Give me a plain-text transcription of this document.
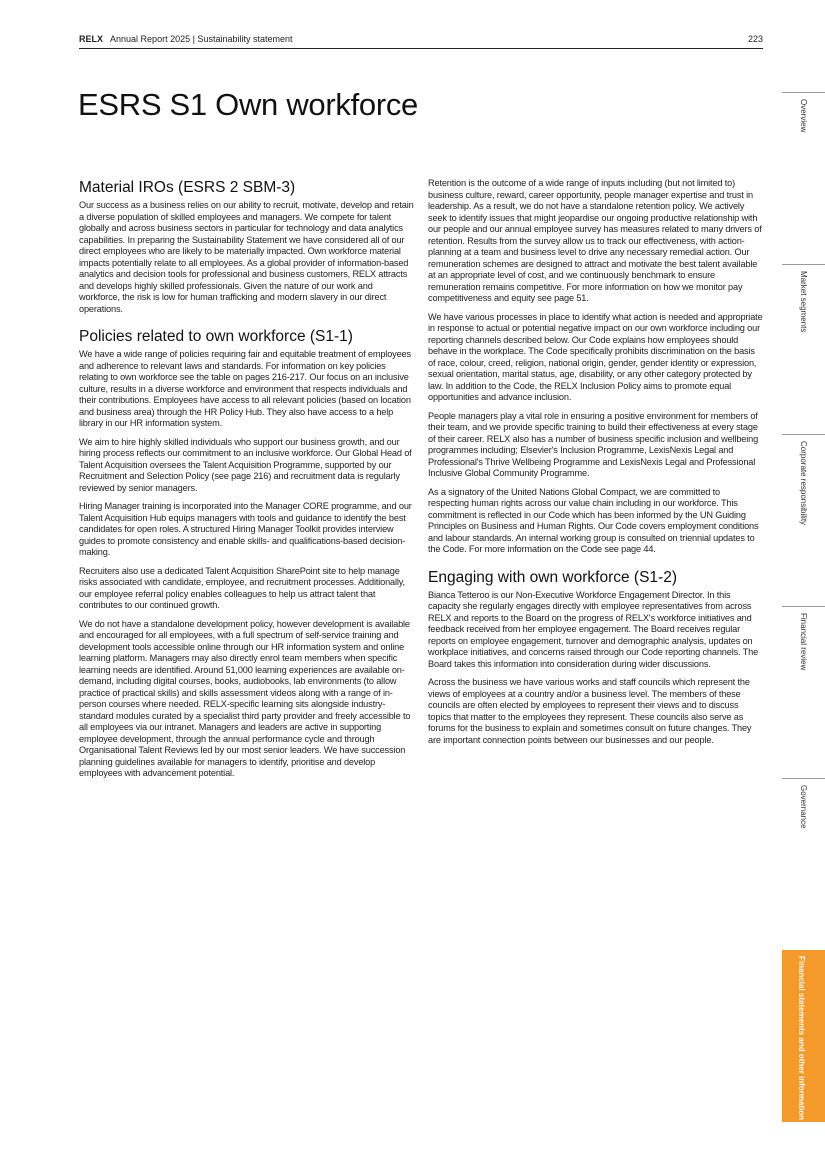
RELX Annual Report 2025 | Sustainability statement	223
ESRS S1 Own workforce
Material IROs (ESRS 2 SBM-3)

Our success as a business relies on our ability to recruit, motivate, develop and retain a diverse population of skilled employees and managers. We compete for talent globally and across business sectors in particular for technology and data analytics capabilities. In preparing the Sustainability Statement we have considered all of our direct employees who are likely to be materially impacted. Own workforce material impacts potentially relate to all employees. As a global provider of information-based analytics and decision tools for professional and business customers, RELX attracts and develops highly skilled professionals. Given the nature of our work and workforce, the risk is low for human trafficking and modern slavery in our direct operations.

Policies related to own workforce (S1-1)

We have a wide range of policies requiring fair and equitable treatment of employees and adherence to relevant laws and standards. For information on key policies relating to own workforce see the table on pages 216-217. Our focus on an inclusive culture, results in a diverse workforce and environment that respects individuals and their contributions. Employees have access to all relevant policies (based on location and business area) through the HR Policy Hub. They also have access to a help library in our HR information system.

We aim to hire highly skilled individuals who support our business growth, and our hiring process reflects our commitment to an inclusive workforce. Our Global Head of Talent Acquisition oversees the Talent Acquisition Programme, supported by our Recruitment and Selection Policy (see page 216) and recruitment data is regularly reviewed by senior managers.

Hiring Manager training is incorporated into the Manager CORE programme, and our Talent Acquisition Hub equips managers with tools and guidance to identify the best candidates for open roles. A structured Hiring Manager Toolkit provides interview guides to promote consistency and enable skills- and qualifications-based decision-making.

Recruiters also use a dedicated Talent Acquisition SharePoint site to help manage risks associated with candidate, employee, and recruitment processes. Additionally, our employee referral policy enables colleagues to help us attract talent that contributes to our continued growth.

We do not have a standalone development policy, however development is available and encouraged for all employees, with a full spectrum of self-service training and development tools accessible online through our HR information system and online learning platform. Managers may also directly enrol team members when specific learning needs are identified. Around 51,000 learning experiences are available on-demand, including digital courses, books, audiobooks, lab environments (to allow practice of practical skills) and skills assessment videos along with a range of in-person courses where needed. RELX-specific learning sits alongside industry-standard modules curated by a specialist third party provider and freely accessible to all employees via our intranet. Managers and leaders are active in supporting employee development, through the annual performance cycle and through Organisational Talent Reviews led by our most senior leaders. We have succession planning guidelines available for managers to identify, prioritise and develop employees with advancement potential.

Retention is the outcome of a wide range of inputs including (but not limited to) business culture, reward, career opportunity, people manager expertise and trust in leadership. As a result, we do not have a standalone retention policy. We actively seek to identify issues that might jeopardise our ongoing productive relationship with our people and our annual employee survey has measures related to many drivers of retention. Results from the survey allow us to track our effectiveness, with action-planning at a team and business level to drive any necessary remedial action. Our remuneration schemes are designed to attract and motivate the best talent available at an appropriate level of cost, and we continuously benchmark to ensure remuneration remains competitive. For more information on how we monitor pay competitiveness and equity see page 51.

We have various processes in place to identify what action is needed and appropriate in response to actual or potential negative impact on our own workforce including our reporting channels described below. Our Code explains how employees should behave in the workplace. The Code specifically prohibits discrimination on the basis of race, colour, creed, religion, national origin, gender, gender identity or expression, sexual orientation, marital status, age, disability, or any other category protected by law. In addition to the Code, the RELX Inclusion Policy aims to promote equal opportunities and advance inclusion.

People managers play a vital role in ensuring a positive environment for members of their team, and we provide specific training to build their effectiveness at every stage of their career. RELX also has a number of business specific inclusion and wellbeing programmes including; Elsevier's Inclusion Programme, LexisNexis Legal and Professional's Thrive Wellbeing Programme and LexisNexis Legal and Professional Inclusive Global Community Programme.

As a signatory of the United Nations Global Compact, we are committed to respecting human rights across our value chain including in our workforce. This commitment is reflected in our Code which has been informed by the UN Guiding Principles on Business and Human Rights. Our Code covers employment conditions and labour standards. An internal working group is consulted on triennial updates to the Code. For more information on the Code see page 44.

Engaging with own workforce (S1-2)

Bianca Tetteroo is our Non-Executive Workforce Engagement Director. In this capacity she regularly engages directly with employee representatives from across RELX and reports to the Board on the progress of RELX's workforce initiatives and feedback received from her employee engagement. The Board receives regular reports on employee engagement, turnover and demographic analysis, updates on workplace initiatives, and concerns raised through our Code reporting channels. The Board takes this information into consideration during wider discussions.

Across the business we have various works and staff councils which represent the views of employees at a country and/or a business level. The members of these councils are often elected by employees to represent their views and to discuss topics that matter to the employees they represent. These councils also serve as forums for the business to explain and sometimes consult on future changes. They are important connection points between our businesses and our people.

Overview
Market segments
Corporate responsibility
Financial review
Governance
Financial statements and other information
